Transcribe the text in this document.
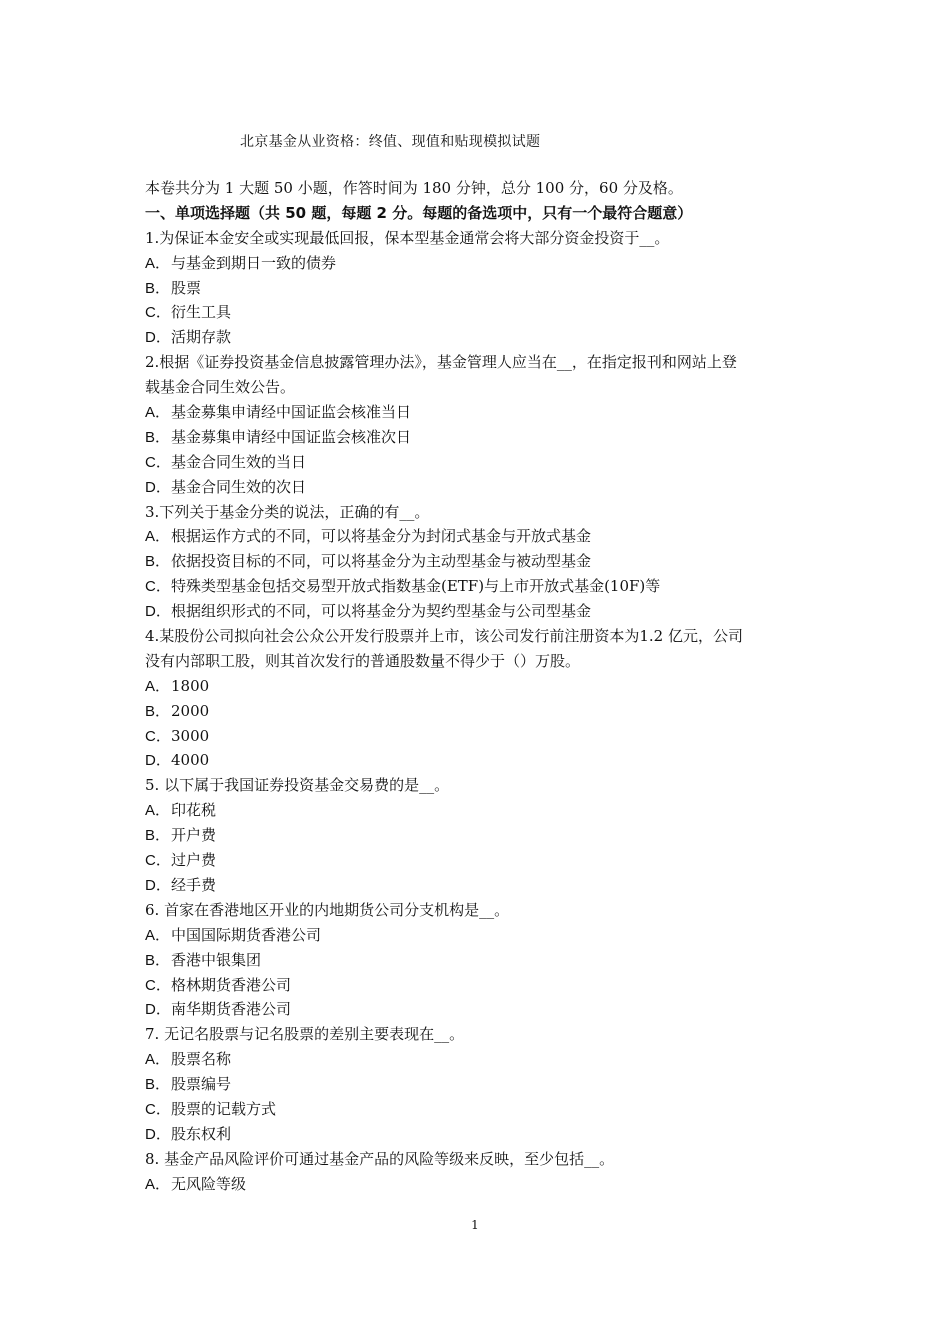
北京基金从业资格：终值、现值和贴现模拟试题
本卷共分为 1 大题 50 小题，作答时间为 180 分钟，总分 100 分，60 分及格。
一、单项选择题（共 50 题，每题 2 分。每题的备选项中，只有一个最符合题意）
1.为保证本金安全或实现最低回报，保本型基金通常会将大部分资金投资于__。
A．与基金到期日一致的债券
B．股票
C．衍生工具
D．活期存款
2.根据《证券投资基金信息披露管理办法》，基金管理人应当在__，在指定报刊和网站上登
载基金合同生效公告。
A．基金募集申请经中国证监会核准当日
B．基金募集申请经中国证监会核准次日
C．基金合同生效的当日
D．基金合同生效的次日
3.下列关于基金分类的说法，正确的有__。
A．根据运作方式的不同，可以将基金分为封闭式基金与开放式基金
B．依据投资目标的不同，可以将基金分为主动型基金与被动型基金
C．特殊类型基金包括交易型开放式指数基金(ETF)与上市开放式基金(10F)等
D．根据组织形式的不同，可以将基金分为契约型基金与公司型基金
4.某股份公司拟向社会公众公开发行股票并上市，该公司发行前注册资本为1.2 亿元，公司
没有内部职工股，则其首次发行的普通股数量不得少于（）万股。
A．1800
B．2000
C．3000
D．4000
5. 以下属于我国证券投资基金交易费的是__。
A．印花税
B．开户费
C．过户费
D．经手费
6. 首家在香港地区开业的内地期货公司分支机构是__。
A．中国国际期货香港公司
B．香港中银集团
C．格林期货香港公司
D．南华期货香港公司
7. 无记名股票与记名股票的差别主要表现在__。
A．股票名称
B．股票编号
C．股票的记载方式
D．股东权利
8. 基金产品风险评价可通过基金产品的风险等级来反映，至少包括__。
A．无风险等级
1
